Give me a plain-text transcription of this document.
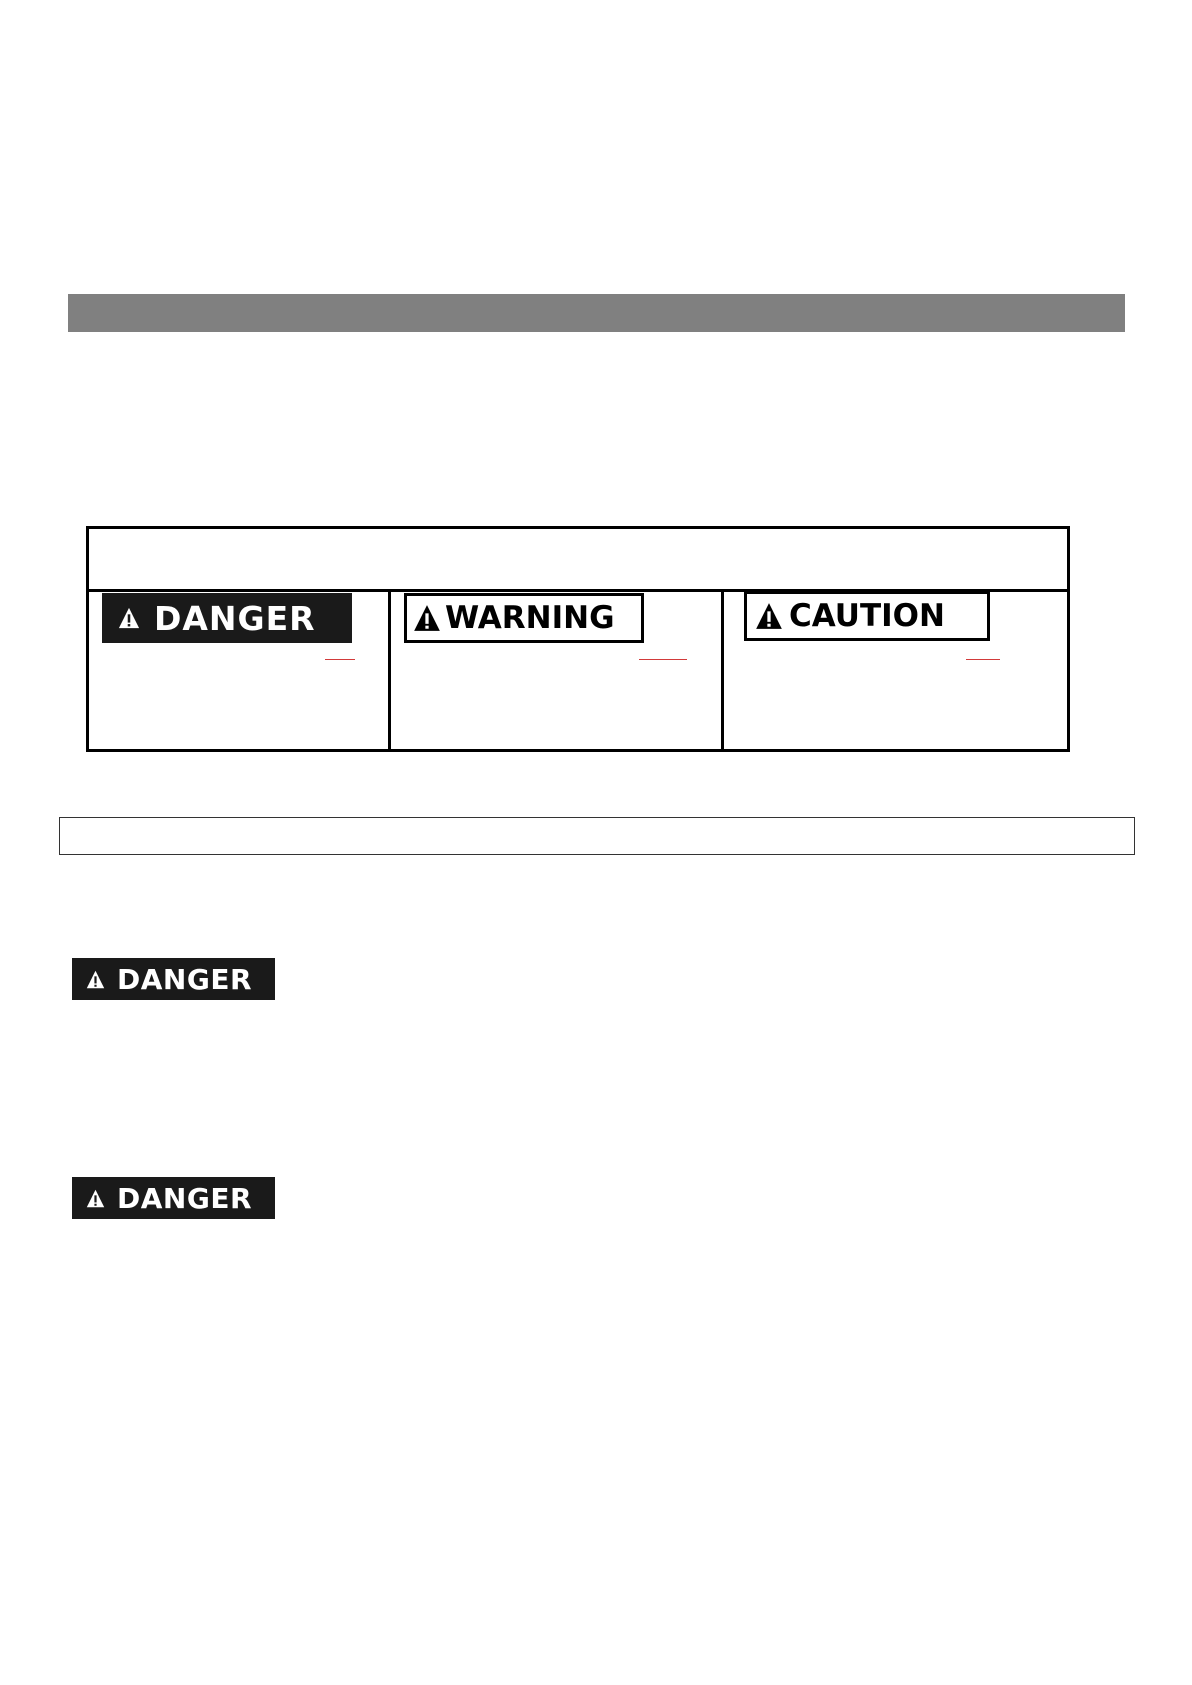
DANGER	WARNING	CAUTION
DANGER
DANGER
